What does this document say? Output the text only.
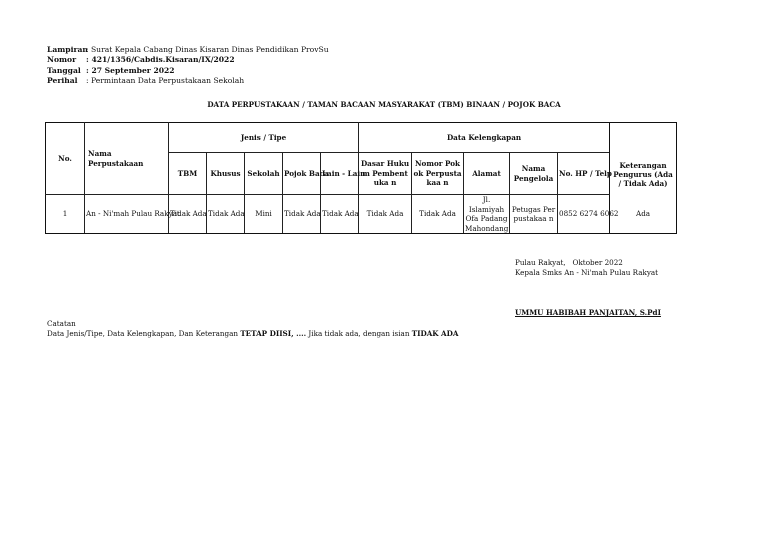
Lampiran
: Surat Kepala Cabang Dinas Kisaran Dinas Pendidikan ProvSu
Nomor	: 421/1356/Cabdis.Kisaran/IX/2022
Tanggal : 27 September 2022
Perihal	: Permintaan Data Perpustakaan Sekolah
DATA PERPUSTAKAAN / TAMAN BACAAN MASYARAKAT (TBM) BINAAN / POJOK BACA
No.	Nama Perpustakaan	Jenis / Tipe					Data Kelengkapan					Keterangan Pengurus (Ada / Tidak Ada)
		TBM	Khusus	Sekolah	Pojok Baca	Lain - Lain	Dasar Hukum Pembentuka n	Nomor Pokok Perpustakaa n	Alamat	Nama Pengelola	No. HP / Telp	
1	An - Ni'mah Pulau Rakyat	Tidak Ada	Tidak Ada	Mini	Tidak Ada	Tidak Ada	Tidak Ada	Tidak Ada	Jl. Islamiyah Ofa Padang Mahondang	Petugas Perpustakaa n	0852 6274 6062	Ada
Pulau Rakyat,   Oktober 2022
Kepala Smks An - Ni'mah Pulau Rakyat
UMMU HABIBAH PANJAITAN, S.PdI
Catatan
Data Jenis/Tipe, Data Kelengkapan, Dan Keterangan TETAP DIISI, .... Jika tidak ada, dengan isian TIDAK ADA
